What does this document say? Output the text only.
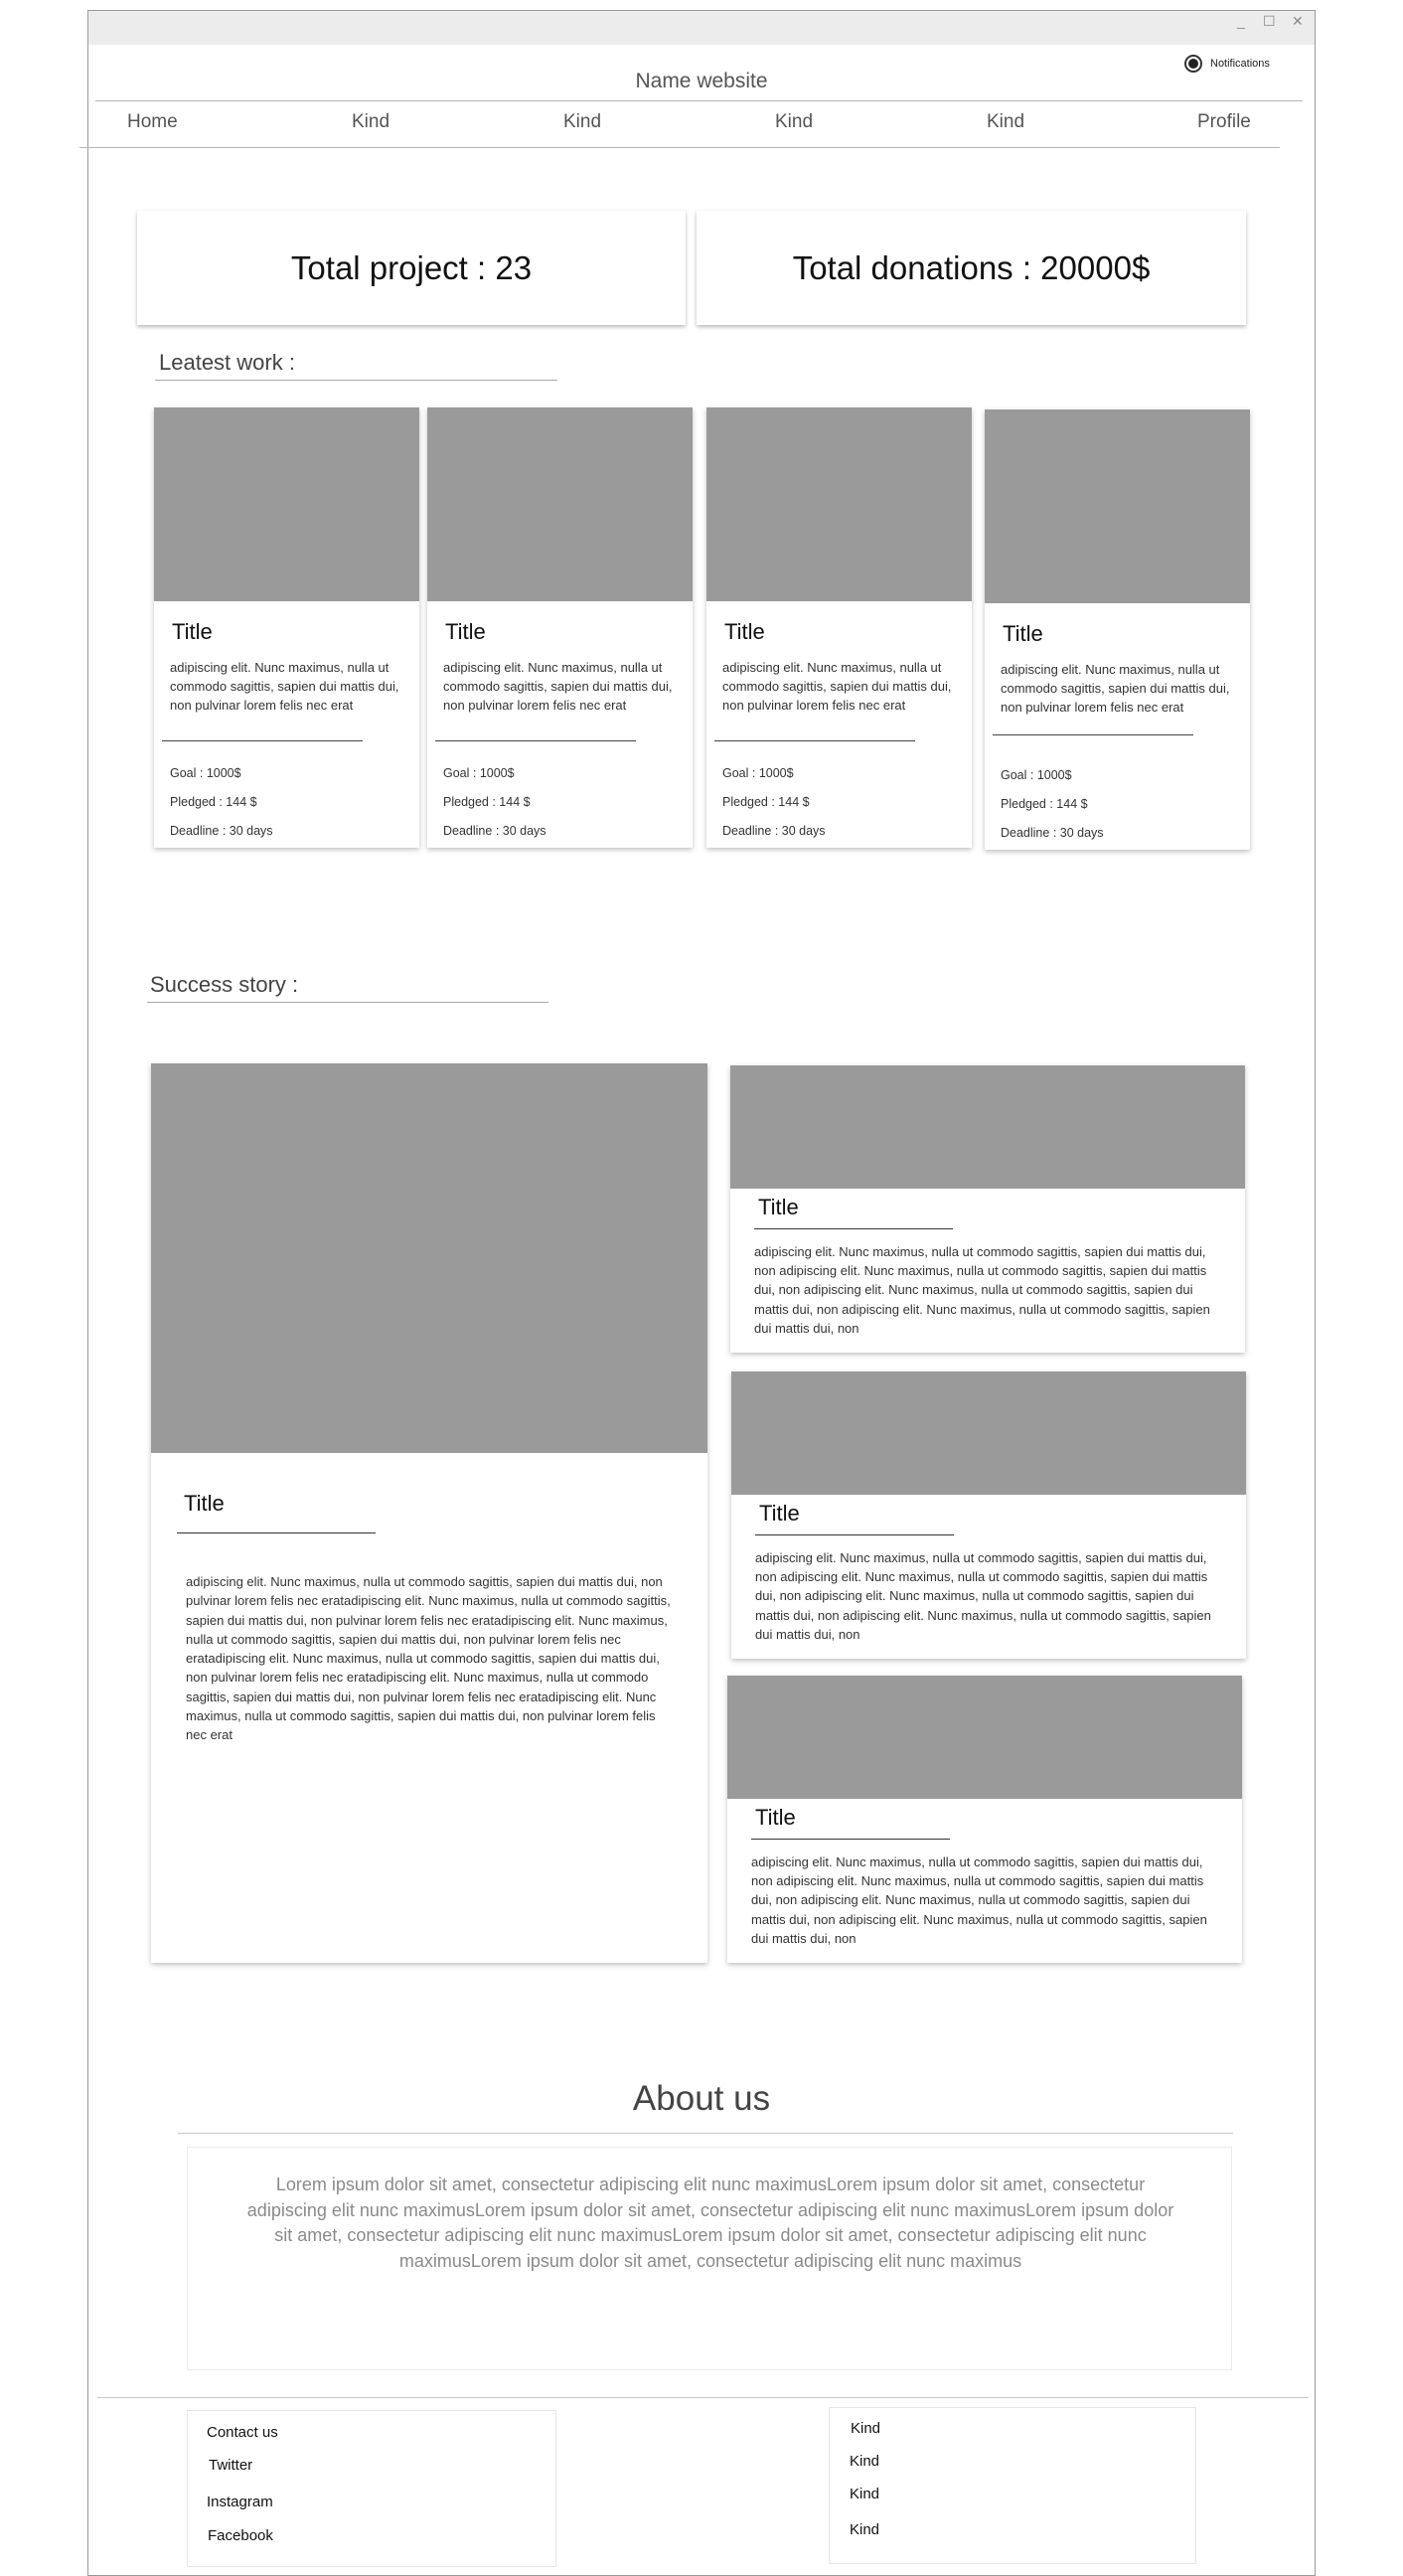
_ ☐ ✕
Notifications
Name website
Home	Kind	Kind	Kind	Kind	Profile
Total project : 23	Total donations : 20000$
Leatest work :
Title
adipiscing elit. Nunc maximus, nulla ut commodo sagittis, sapien dui mattis dui, non pulvinar lorem felis nec erat
Goal : 1000$
Pledged : 144 $
Deadline : 30 days
Title
adipiscing elit. Nunc maximus, nulla ut commodo sagittis, sapien dui mattis dui, non pulvinar lorem felis nec erat
Goal : 1000$
Pledged : 144 $
Deadline : 30 days
Title
adipiscing elit. Nunc maximus, nulla ut commodo sagittis, sapien dui mattis dui, non pulvinar lorem felis nec erat
Goal : 1000$
Pledged : 144 $
Deadline : 30 days
Title
adipiscing elit. Nunc maximus, nulla ut commodo sagittis, sapien dui mattis dui, non pulvinar lorem felis nec erat
Goal : 1000$
Pledged : 144 $
Deadline : 30 days
Success story :
Title
adipiscing elit. Nunc maximus, nulla ut commodo sagittis, sapien dui mattis dui, non pulvinar lorem felis nec eratadipiscing elit. Nunc maximus, nulla ut commodo sagittis, sapien dui mattis dui, non pulvinar lorem felis nec eratadipiscing elit. Nunc maximus, nulla ut commodo sagittis, sapien dui mattis dui, non pulvinar lorem felis nec eratadipiscing elit. Nunc maximus, nulla ut commodo sagittis, sapien dui mattis dui, non pulvinar lorem felis nec eratadipiscing elit. Nunc maximus, nulla ut commodo sagittis, sapien dui mattis dui, non pulvinar lorem felis nec eratadipiscing elit. Nunc maximus, nulla ut commodo sagittis, sapien dui mattis dui, non pulvinar lorem felis nec erat
Title
adipiscing elit. Nunc maximus, nulla ut commodo sagittis, sapien dui mattis dui, non adipiscing elit. Nunc maximus, nulla ut commodo sagittis, sapien dui mattis dui, non adipiscing elit. Nunc maximus, nulla ut commodo sagittis, sapien dui mattis dui, non adipiscing elit. Nunc maximus, nulla ut commodo sagittis, sapien dui mattis dui, non
Title
adipiscing elit. Nunc maximus, nulla ut commodo sagittis, sapien dui mattis dui, non adipiscing elit. Nunc maximus, nulla ut commodo sagittis, sapien dui mattis dui, non adipiscing elit. Nunc maximus, nulla ut commodo sagittis, sapien dui mattis dui, non adipiscing elit. Nunc maximus, nulla ut commodo sagittis, sapien dui mattis dui, non
Title
adipiscing elit. Nunc maximus, nulla ut commodo sagittis, sapien dui mattis dui, non adipiscing elit. Nunc maximus, nulla ut commodo sagittis, sapien dui mattis dui, non adipiscing elit. Nunc maximus, nulla ut commodo sagittis, sapien dui mattis dui, non adipiscing elit. Nunc maximus, nulla ut commodo sagittis, sapien dui mattis dui, non
About us
Lorem ipsum dolor sit amet, consectetur adipiscing elit nunc maximusLorem ipsum dolor sit amet, consectetur adipiscing elit nunc maximusLorem ipsum dolor sit amet, consectetur adipiscing elit nunc maximusLorem ipsum dolor sit amet, consectetur adipiscing elit nunc maximusLorem ipsum dolor sit amet, consectetur adipiscing elit nunc maximusLorem ipsum dolor sit amet, consectetur adipiscing elit nunc maximus
Contact us
Twitter
Instagram
Facebook
Kind
Kind
Kind
Kind
